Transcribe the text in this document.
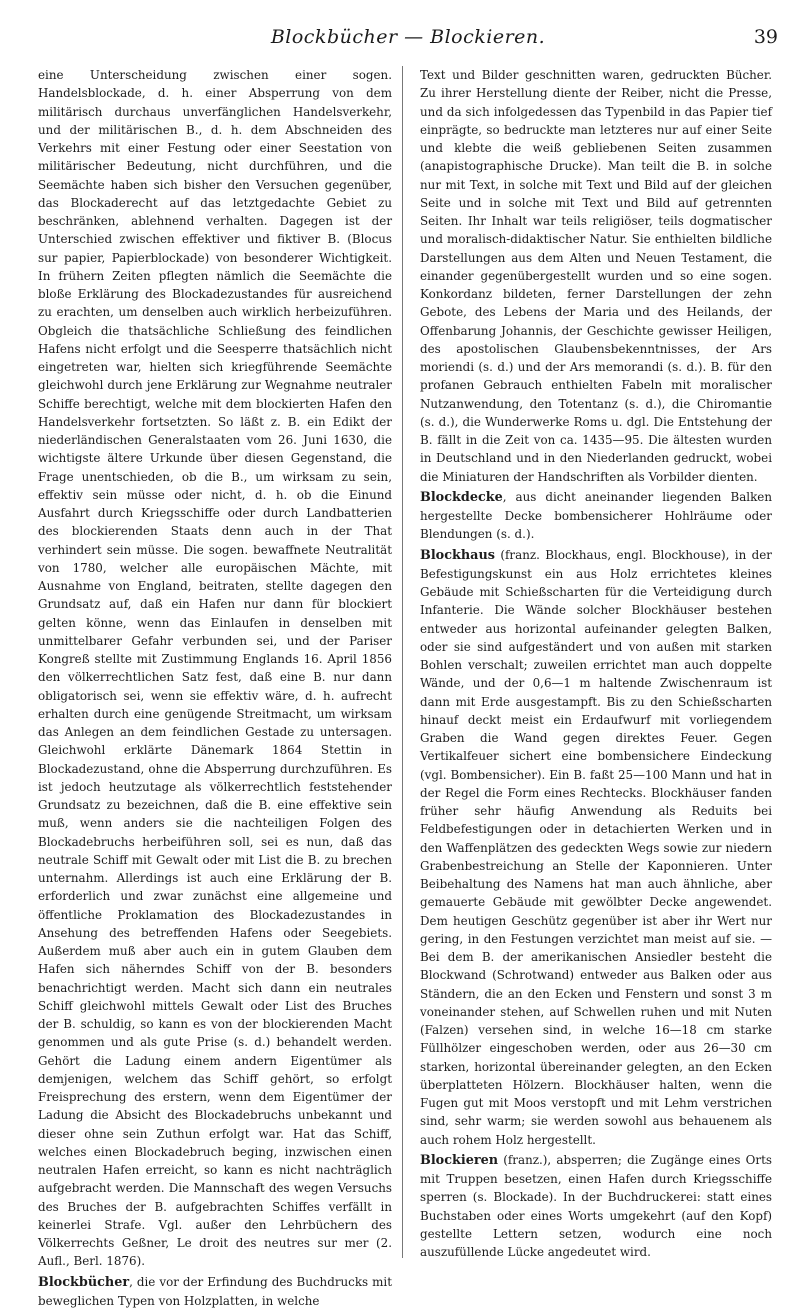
Blockbücher — Blockieren.	39

eine Unterscheidung zwischen einer sogen. Handelsblockade, d. h. einer Absperrung von dem militärisch durchaus unverfänglichen Handelsverkehr, und der militärischen B., d. h. dem Abschneiden des Verkehrs mit einer Festung oder einer Seestation von militärischer Bedeutung, nicht durchführen, und die Seemächte haben sich bisher den Versuchen gegenüber, das Blockaderecht auf das letztgedachte Gebiet zu beschränken, ablehnend verhalten. Dagegen ist der Unterschied zwischen effektiver und fiktiver B. (Blocus sur papier, Papierblockade) von besonderer Wichtigkeit. In frühern Zeiten pflegten nämlich die Seemächte die bloße Erklärung des Blockadezustandes für ausreichend zu erachten, um denselben auch wirklich herbeizuführen. Obgleich die thatsächliche Schließung des feindlichen Hafens nicht erfolgt und die Seesperre thatsächlich nicht eingetreten war, hielten sich kriegführende Seemächte gleichwohl durch jene Erklärung zur Wegnahme neutraler Schiffe berechtigt, welche mit dem blockierten Hafen den Handelsverkehr fortsetzten. So läßt z. B. ein Edikt der niederländischen Generalstaaten vom 26. Juni 1630, die wichtigste ältere Urkunde über diesen Gegenstand, die Frage unentschieden, ob die B., um wirksam zu sein, effektiv sein müsse oder nicht, d. h. ob die Einund Ausfahrt durch Kriegsschiffe oder durch Landbatterien des blockierenden Staats denn auch in der That verhindert sein müsse. Die sogen. bewaffnete Neutralität von 1780, welcher alle europäischen Mächte, mit Ausnahme von England, beitraten, stellte dagegen den Grundsatz auf, daß ein Hafen nur dann für blockiert gelten könne, wenn das Einlaufen in denselben mit unmittelbarer Gefahr verbunden sei, und der Pariser Kongreß stellte mit Zustimmung Englands 16. April 1856 den völkerrechtlichen Satz fest, daß eine B. nur dann obligatorisch sei, wenn sie effektiv wäre, d. h. aufrecht erhalten durch eine genügende Streitmacht, um wirksam das Anlegen an dem feindlichen Gestade zu untersagen. Gleichwohl erklärte Dänemark 1864 Stettin in Blockadezustand, ohne die Absperrung durchzuführen. Es ist jedoch heutzutage als völkerrechtlich feststehender Grundsatz zu bezeichnen, daß die B. eine effektive sein muß, wenn anders sie die nachteiligen Folgen des Blockadebruchs herbeiführen soll, sei es nun, daß das neutrale Schiff mit Gewalt oder mit List die B. zu brechen unternahm. Allerdings ist auch eine Erklärung der B. erforderlich und zwar zunächst eine allgemeine und öffentliche Proklamation des Blockadezustandes in Ansehung des betreffenden Hafens oder Seegebiets. Außerdem muß aber auch ein in gutem Glauben dem Hafen sich näherndes Schiff von der B. besonders benachrichtigt werden. Macht sich dann ein neutrales Schiff gleichwohl mittels Gewalt oder List des Bruches der B. schuldig, so kann es von der blockierenden Macht genommen und als gute Prise (s. d.) behandelt werden. Gehört die Ladung einem andern Eigentümer als demjenigen, welchem das Schiff gehört, so erfolgt Freisprechung des erstern, wenn dem Eigentümer der Ladung die Absicht des Blockadebruchs unbekannt und dieser ohne sein Zuthun erfolgt war. Hat das Schiff, welches einen Blockadebruch beging, inzwischen einen neutralen Hafen erreicht, so kann es nicht nachträglich aufgebracht werden. Die Mannschaft des wegen Versuchs des Bruches der B. aufgebrachten Schiffes verfällt in keinerlei Strafe. Vgl. außer den Lehrbüchern des Völkerrechts Geßner, Le droit des neutres sur mer (2. Aufl., Berl. 1876).

Blockbücher, die vor der Erfindung des Buchdrucks mit beweglichen Typen von Holzplatten, in welche

Text und Bilder geschnitten waren, gedruckten Bücher. Zu ihrer Herstellung diente der Reiber, nicht die Presse, und da sich infolgedessen das Typenbild in das Papier tief einprägte, so bedruckte man letzteres nur auf einer Seite und klebte die weiß gebliebenen Seiten zusammen (anapistographische Drucke). Man teilt die B. in solche nur mit Text, in solche mit Text und Bild auf der gleichen Seite und in solche mit Text und Bild auf getrennten Seiten. Ihr Inhalt war teils religiöser, teils dogmatischer und moralisch-didaktischer Natur. Sie enthielten bildliche Darstellungen aus dem Alten und Neuen Testament, die einander gegenübergestellt wurden und so eine sogen. Konkordanz bildeten, ferner Darstellungen der zehn Gebote, des Lebens der Maria und des Heilands, der Offenbarung Johannis, der Geschichte gewisser Heiligen, des apostolischen Glaubensbekenntnisses, der Ars moriendi (s. d.) und der Ars memorandi (s. d.). B. für den profanen Gebrauch enthielten Fabeln mit moralischer Nutzanwendung, den Totentanz (s. d.), die Chiromantie (s. d.), die Wunderwerke Roms u. dgl. Die Entstehung der B. fällt in die Zeit von ca. 1435—95. Die ältesten wurden in Deutschland und in den Niederlanden gedruckt, wobei die Miniaturen der Handschriften als Vorbilder dienten.

Blockdecke, aus dicht aneinander liegenden Balken hergestellte Decke bombensicherer Hohlräume oder Blendungen (s. d.).

Blockhaus (franz. Blockhaus, engl. Blockhouse), in der Befestigungskunst ein aus Holz errichtetes kleines Gebäude mit Schießscharten für die Verteidigung durch Infanterie. Die Wände solcher Blockhäuser bestehen entweder aus horizontal aufeinander gelegten Balken, oder sie sind aufgeständert und von außen mit starken Bohlen verschalt; zuweilen errichtet man auch doppelte Wände, und der 0,6—1 m haltende Zwischenraum ist dann mit Erde ausgestampft. Bis zu den Schießscharten hinauf deckt meist ein Erdaufwurf mit vorliegendem Graben die Wand gegen direktes Feuer. Gegen Vertikalfeuer sichert eine bombensichere Eindeckung (vgl. Bombensicher). Ein B. faßt 25—100 Mann und hat in der Regel die Form eines Rechtecks. Blockhäuser fanden früher sehr häufig Anwendung als Reduits bei Feldbefestigungen oder in detachierten Werken und in den Waffenplätzen des gedeckten Wegs sowie zur niedern Grabenbestreichung an Stelle der Kaponnieren. Unter Beibehaltung des Namens hat man auch ähnliche, aber gemauerte Gebäude mit gewölbter Decke angewendet. Dem heutigen Geschütz gegenüber ist aber ihr Wert nur gering, in den Festungen verzichtet man meist auf sie. — Bei dem B. der amerikanischen Ansiedler besteht die Blockwand (Schrotwand) entweder aus Balken oder aus Ständern, die an den Ecken und Fenstern und sonst 3 m voneinander stehen, auf Schwellen ruhen und mit Nuten (Falzen) versehen sind, in welche 16—18 cm starke Füllhölzer eingeschoben werden, oder aus 26—30 cm starken, horizontal übereinander gelegten, an den Ecken überplatteten Hölzern. Blockhäuser halten, wenn die Fugen gut mit Moos verstopft und mit Lehm verstrichen sind, sehr warm; sie werden sowohl aus behauenem als auch rohem Holz hergestellt.

Blockieren (franz.), absperren; die Zugänge eines Orts mit Truppen besetzen, einen Hafen durch Kriegsschiffe sperren (s. Blockade). In der Buchdruckerei: statt eines Buchstaben oder eines Worts umgekehrt (auf den Kopf) gestellte Lettern setzen, wodurch eine noch auszufüllende Lücke angedeutet wird.
